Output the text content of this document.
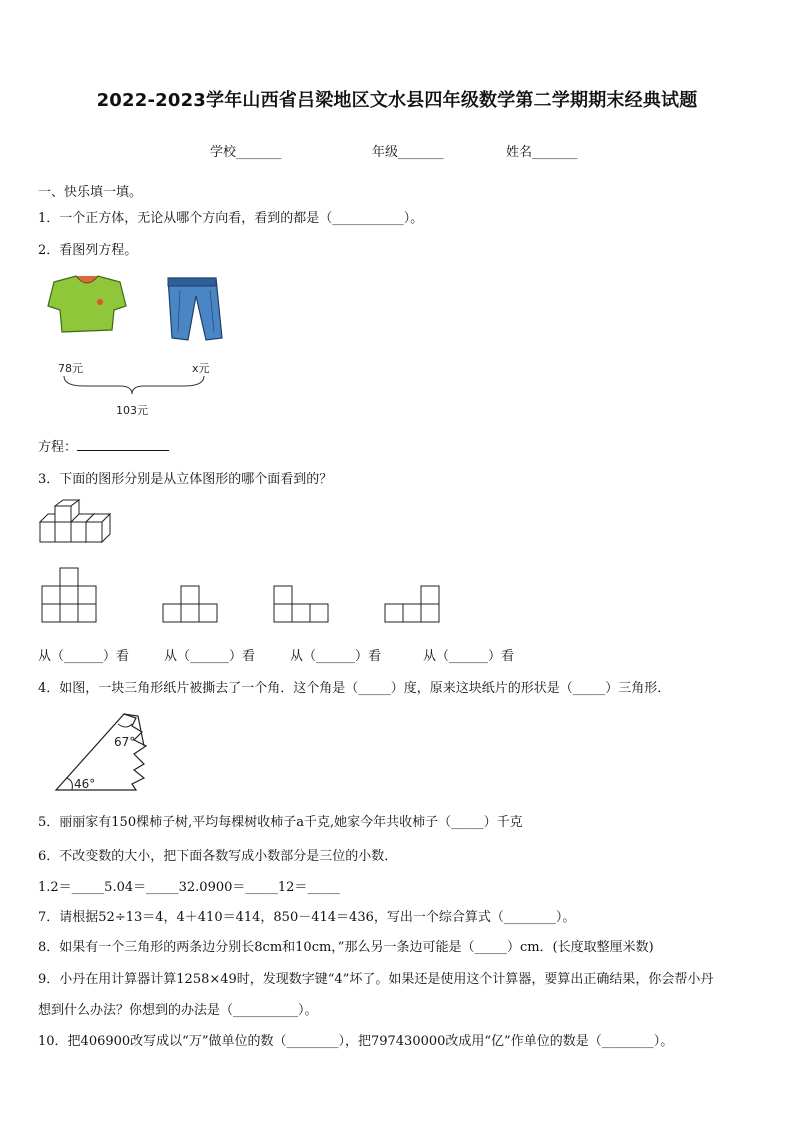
2022-2023学年山西省吕梁地区文水县四年级数学第二学期期末经典试题
学校_______	年级_______	姓名_______
一、快乐填一填。
1．一个正方体，无论从哪个方向看，看到的都是（___________）。
2．看图列方程。
78元	x元
103元
方程：
3．下面的图形分别是从立体图形的哪个面看到的？
从（______）看	从（______）看	从（______）看	从（______）看
4．如图，一块三角形纸片被撕去了一个角．这个角是（_____）度，原来这块纸片的形状是（_____）三角形．
67°
46°
5．丽丽家有150棵柿子树,平均每棵树收柿子a千克,她家今年共收柿子（_____）千克
6．不改变数的大小，把下面各数写成小数部分是三位的小数．
1.2＝_____5.04＝_____32.0900＝_____12＝_____
7．请根据52÷13＝4，4＋410＝414，850－414＝436，写出一个综合算式（________）。
8．如果有一个三角形的两条边分别长8cm和10cm，”那么另一条边可能是（_____）cm．(长度取整厘米数)
9．小丹在用计算器计算1258×49时，发现数字键“4”坏了。如果还是使用这个计算器，要算出正确结果，你会帮小丹
想到什么办法？你想到的办法是（__________）。
10．把406900改写成以“万”做单位的数（________），把797430000改成用“亿”作单位的数是（________）。
